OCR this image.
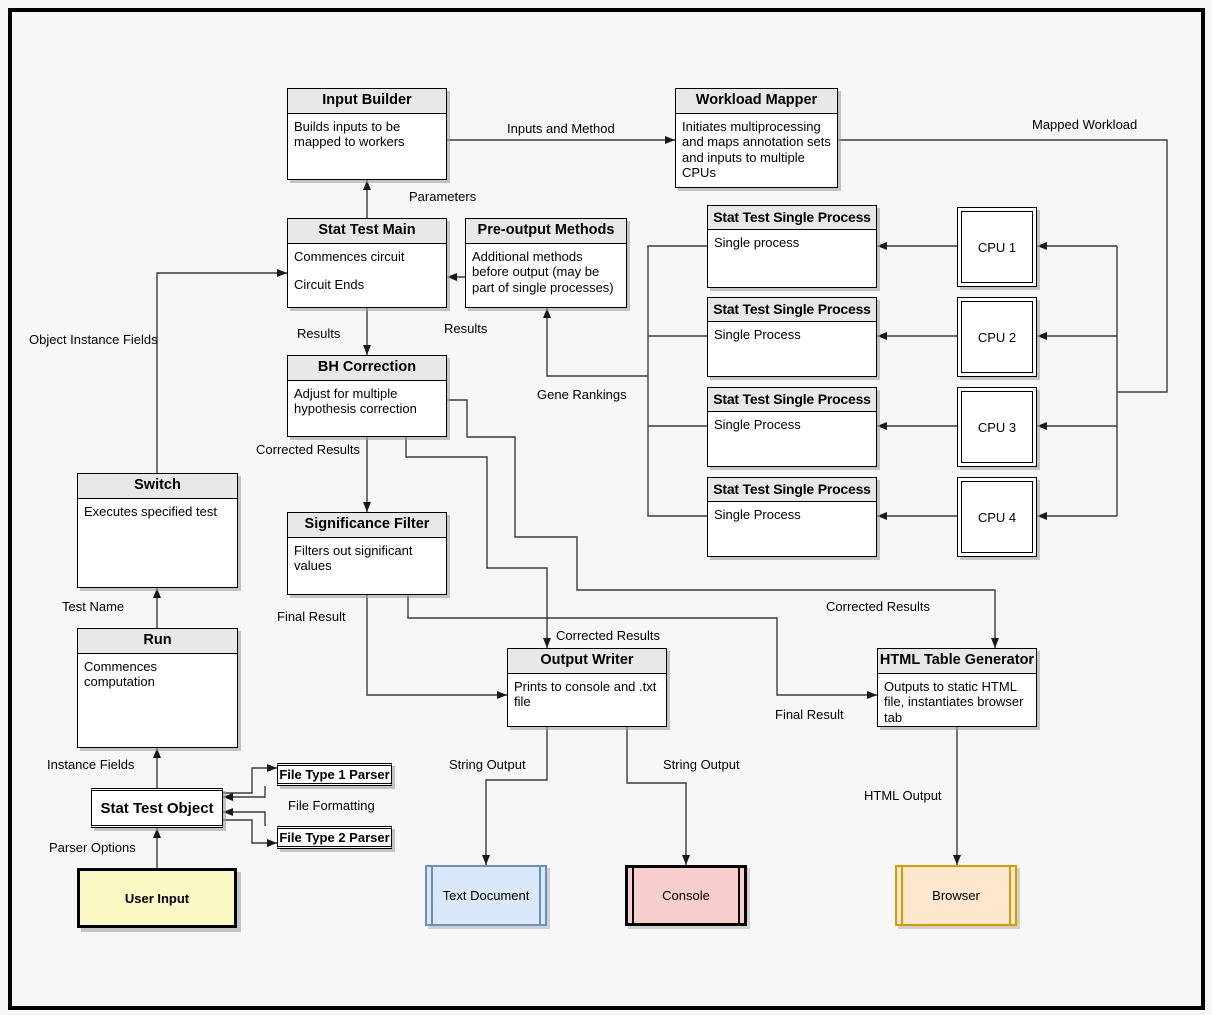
Input Builder
Builds inputs to be mapped to workers
Workload Mapper
Initiates multiprocessing and maps annotation sets and inputs to multiple CPUs
Stat Test Main
Commences circuit
Circuit Ends
Pre-output Methods
Additional methods before output (may be part of single processes)
BH Correction
Adjust for multiple hypothesis correction
Significance Filter
Filters out significant values
Switch
Executes specified test
Run
Commences computation
Output Writer
Prints to console and .txt file
HTML Table Generator
Outputs to static HTML file, instantiates browser tab
Stat Test Single Process
Single process
Stat Test Single Process
Single Process
Stat Test Single Process
Single Process
Stat Test Single Process
Single Process
CPU 1
CPU 2
CPU 3
CPU 4
Stat Test Object
File Type 1 Parser
File Type 2 Parser
User Input	Text Document	Console	Browser
Parameters
Inputs and Method	Mapped Workload
Results	Results
Gene Rankings
Corrected Results
Corrected Results
Corrected Results
Object Instance Fields
Test Name
Instance Fields
Parser Options
File Formatting
Final Result
Final Result
String Output	String Output
HTML Output
